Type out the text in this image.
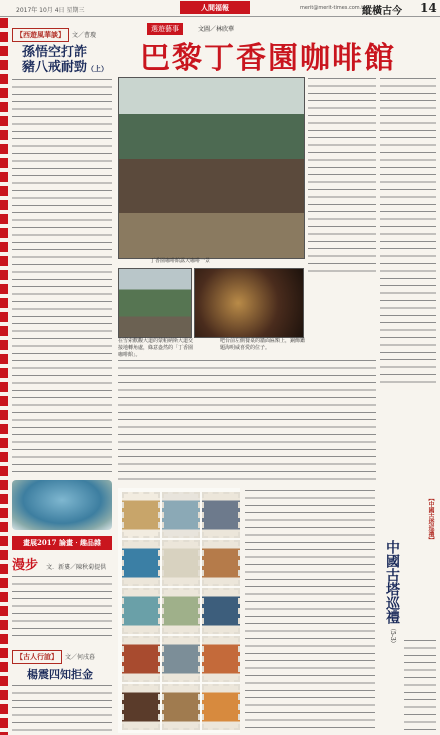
2017年 10月 4日 星期三	人間福報	merit@merit-times.com.tw
縱橫古今 14
【西遊風華談】 文／曹瓊
孫悟空打詐
豬八戒耐勁（上）
畫展2017 論畫‧趣品雜
漫步 文．新婁／陳秋菊提供
【古人行誼】 文／何戌暮
楊震四知拒金
選遊藝事	文圖／林欣華
巴黎丁香園咖啡館
丁香園咖啡館露天咖啡一景
在雪索歡觀大道的蒙帕納斯大道交接地轉角處，綠意盎然的「丁香園咖啡館」。
吧台前左側餐桌的牆面匾額上，銅飾鑑題海明威喜愛的位子。
【中國古塔巡禮】
中國古塔巡禮
（5-3）
